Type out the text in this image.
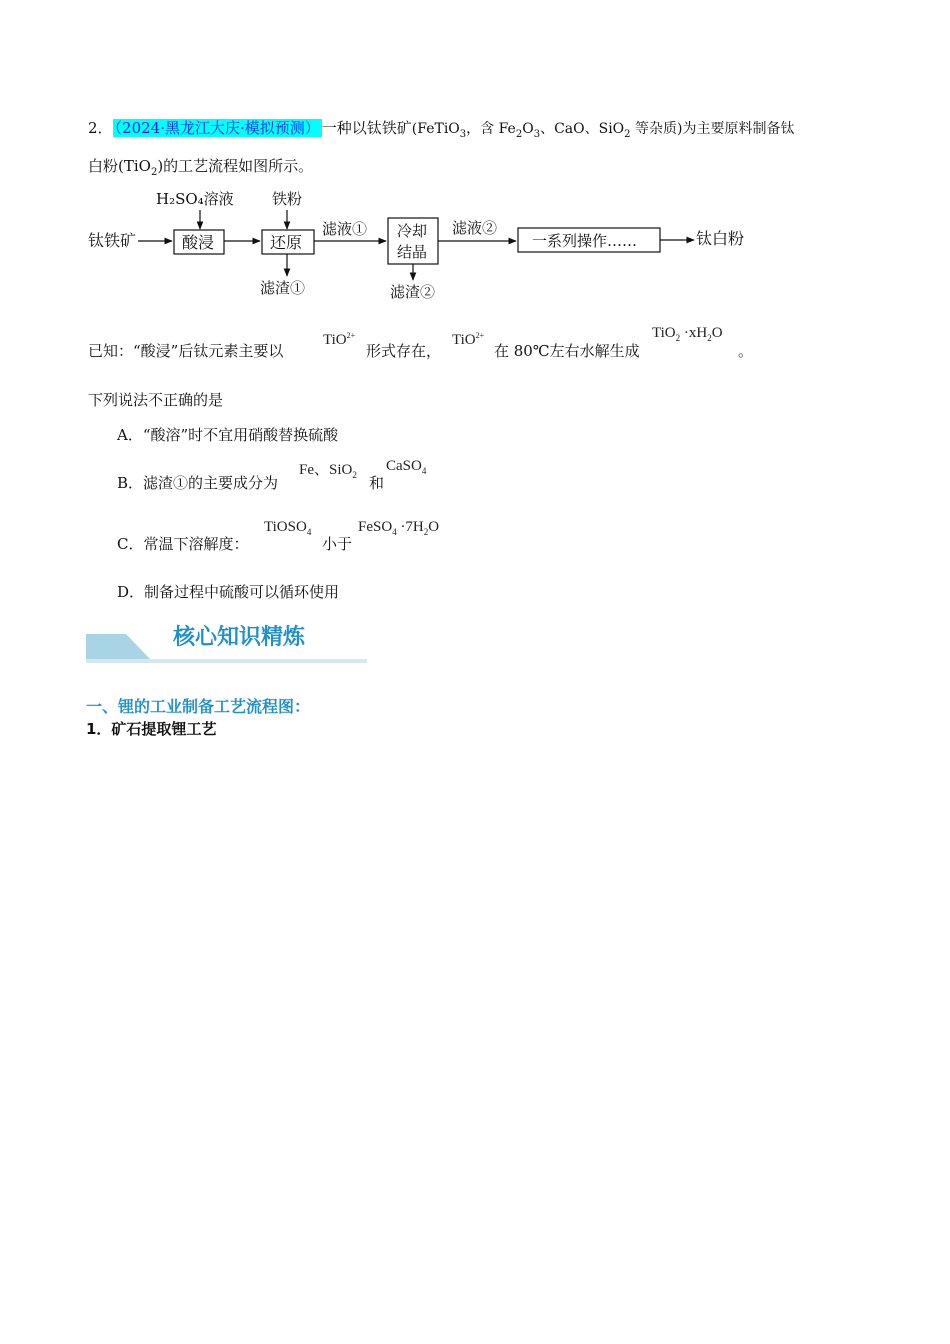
2． （2024·黑龙江大庆·模拟预测） 一种以钛铁矿(FeTiO$_3$，含 $Fe_2O_3$、CaO、SiO$_2$ 等杂质)为主要原料制备钛
白粉(TiO$_2$)的工艺流程如图所示。
钛铁矿
H₂SO₄溶液
酸浸
铁粉
还原
滤渣①
滤液① 冷却
结晶
滤渣②
滤液②
一系列操作……	钛白粉
已知：“酸浸”后钛元素主要以
TiO$^{2+}$
形式存在，
TiO$^{2+}$
在 80℃左右水解生成
$TiO_2 \cdot xH_2O$
。
下列说法不正确的是
A．“酸溶”时不宜用硝酸替换硫酸
B．滤渣①的主要成分为
Fe、SiO$_2$ 和
CaSO$_4$
C．常温下溶解度：
TiOSO$_4$
小于
FeSO$_4$ $\cdot 7H_2O$
D．制备过程中硫酸可以循环使用
核心知识精炼
一、锂的工业制备工艺流程图：
1．矿石提取锂工艺
